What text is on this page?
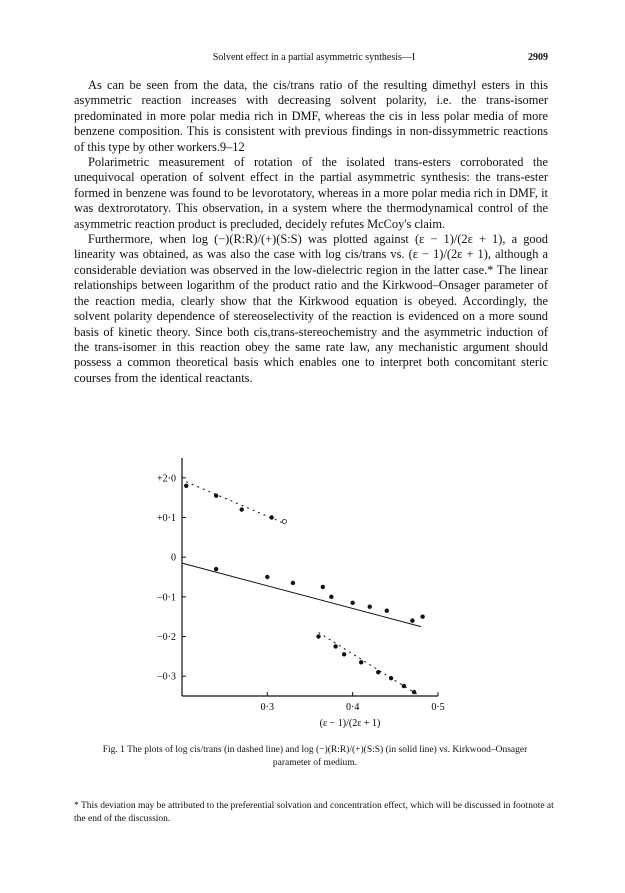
Solvent effect in a partial asymmetric synthesis—I	2909

As can be seen from the data, the cis/trans ratio of the resulting dimethyl esters in this asymmetric reaction increases with decreasing solvent polarity, i.e. the trans-isomer predominated in more polar media rich in DMF, whereas the cis in less polar media of more benzene composition. This is consistent with previous findings in non-dissymmetric reactions of this type by other workers.9–12

Polarimetric measurement of rotation of the isolated trans-esters corroborated the unequivocal operation of solvent effect in the partial asymmetric synthesis: the trans-ester formed in benzene was found to be levorotatory, whereas in a more polar media rich in DMF, it was dextrorotatory. This observation, in a system where the thermodynamical control of the asymmetric reaction product is precluded, decidely refutes McCoy's claim.

Furthermore, when log (−)(R:R)/(+)(S:S) was plotted against (ε − 1)/(2ε + 1), a good linearity was obtained, as was also the case with log cis/trans vs. (ε − 1)/(2ε + 1), although a considerable deviation was observed in the low-dielectric region in the latter case.* The linear relationships between logarithm of the product ratio and the Kirkwood–Onsager parameter of the reaction media, clearly show that the Kirkwood equation is obeyed. Accordingly, the solvent polarity dependence of stereoselectivity of the reaction is evidenced on a more sound basis of kinetic theory. Since both cis,trans-stereochemistry and the asymmetric induction of the trans-isomer in this reaction obey the same rate law, any mechanistic argument should possess a common theoretical basis which enables one to interpret both concomitant steric courses from the identical reactants.

+2·0
+0·1
0
−0·1
−0·2
−0·3
0·3	0·4	0·5
(ε − 1)/(2ε + 1)
Fig. 1 The plots of log cis/trans (in dashed line) and log (−)(R:R)/(+)(S:S) (in solid line) vs. Kirkwood–Onsager parameter of medium.
* This deviation may be attributed to the preferential solvation and concentration effect, which will be discussed in footnote at the end of the discussion.
